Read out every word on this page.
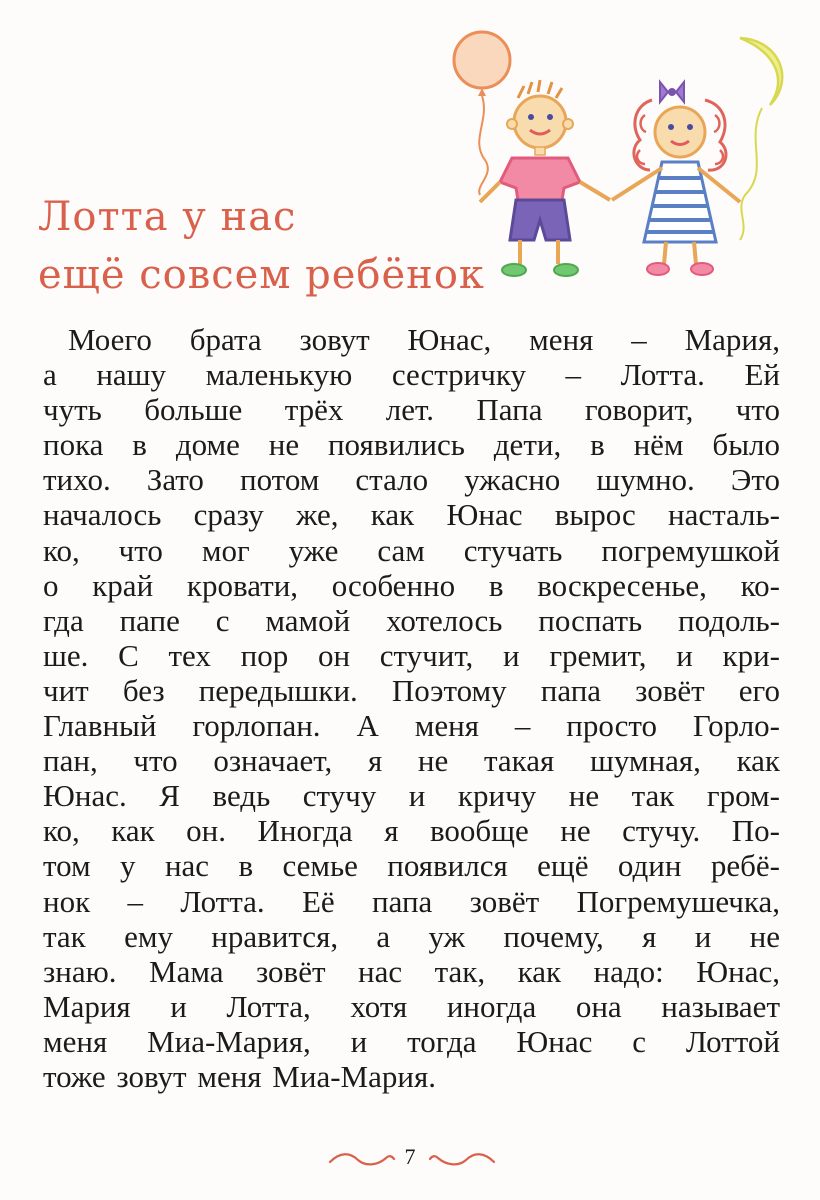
Лотта у нас
ещё совсем ребёнок
Моего брата зовут Юнас, меня – Мария,
а нашу маленькую сестричку – Лотта. Ей
чуть больше трёх лет. Папа говорит, что
пока в доме не появились дети, в нём было
тихо. Зато потом стало ужасно шумно. Это
началось сразу же, как Юнас вырос насталь-
ко, что мог уже сам стучать погремушкой
о край кровати, особенно в воскресенье, ко-
гда папе с мамой хотелось поспать подоль-
ше. С тех пор он стучит, и гремит, и кри-
чит без передышки. Поэтому папа зовёт его
Главный горлопан. А меня – просто Горло-
пан, что означает, я не такая шумная, как
Юнас. Я ведь стучу и кричу не так гром-
ко, как он. Иногда я вообще не стучу. По-
том у нас в семье появился ещё один ребё-
нок – Лотта. Её папа зовёт Погремушечка,
так ему нравится, а уж почему, я и не
знаю. Мама зовёт нас так, как надо: Юнас,
Мария и Лотта, хотя иногда она называет
меня Миа-Мария, и тогда Юнас с Лоттой
тоже зовут меня Миа-Мария.
7
